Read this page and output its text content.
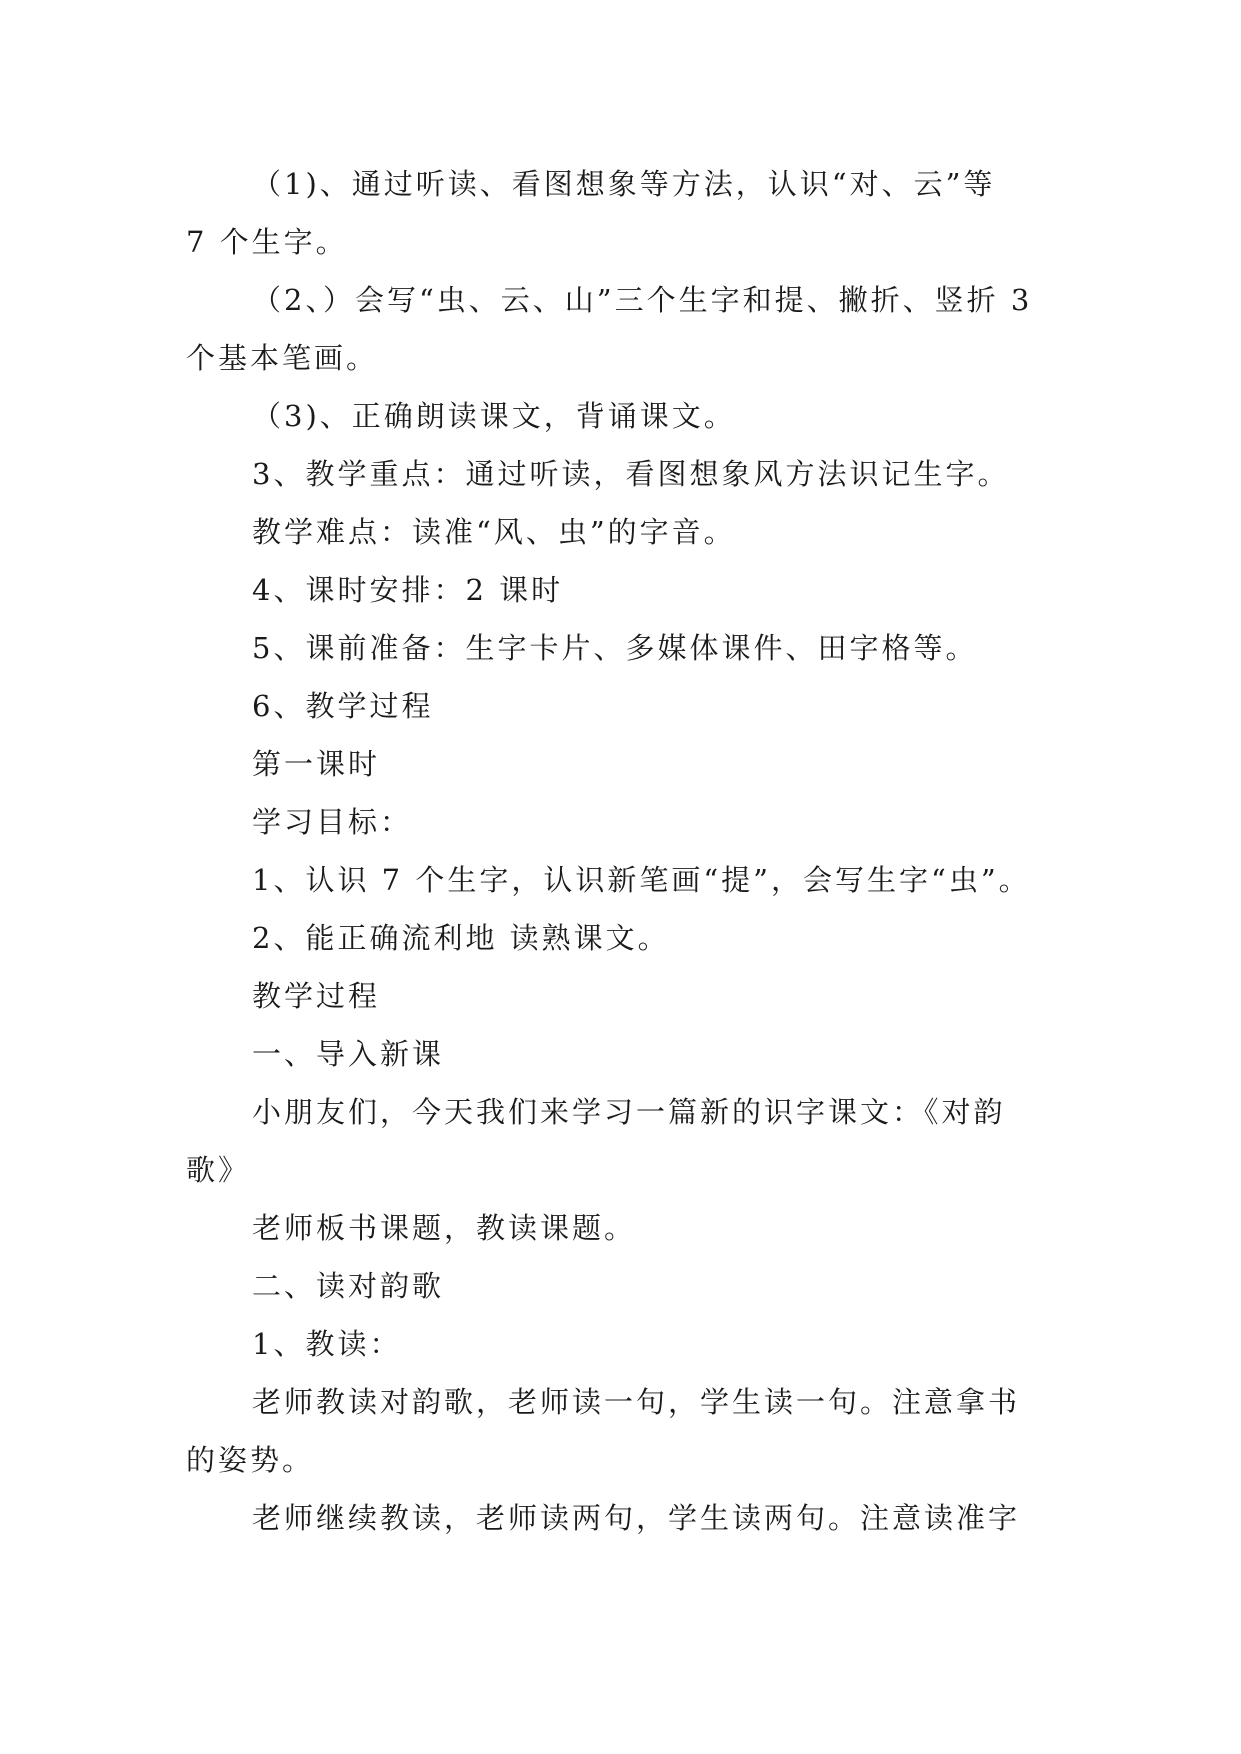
（1)、通过听读、看图想象等方法，认识“对、云”等
7 个生字。
（2、）会写“虫、云、山”三个生字和提、撇折、竖折 3
个基本笔画。
（3)、正确朗读课文，背诵课文。
3、教学重点：通过听读，看图想象风方法识记生字。
教学难点：读准“风、虫”的字音。
4、课时安排：2 课时
5、课前准备：生字卡片、多媒体课件、田字格等。
6、教学过程
第一课时
学习目标：
1、认识 7 个生字，认识新笔画“提”，会写生字“虫”。
2、能正确流利地 读熟课文。
教学过程
一、导入新课
小朋友们，今天我们来学习一篇新的识字课文：《对韵
歌》
老师板书课题，教读课题。
二、读对韵歌
1、教读：
老师教读对韵歌，老师读一句，学生读一句。注意拿书
的姿势。
老师继续教读，老师读两句，学生读两句。注意读准字
